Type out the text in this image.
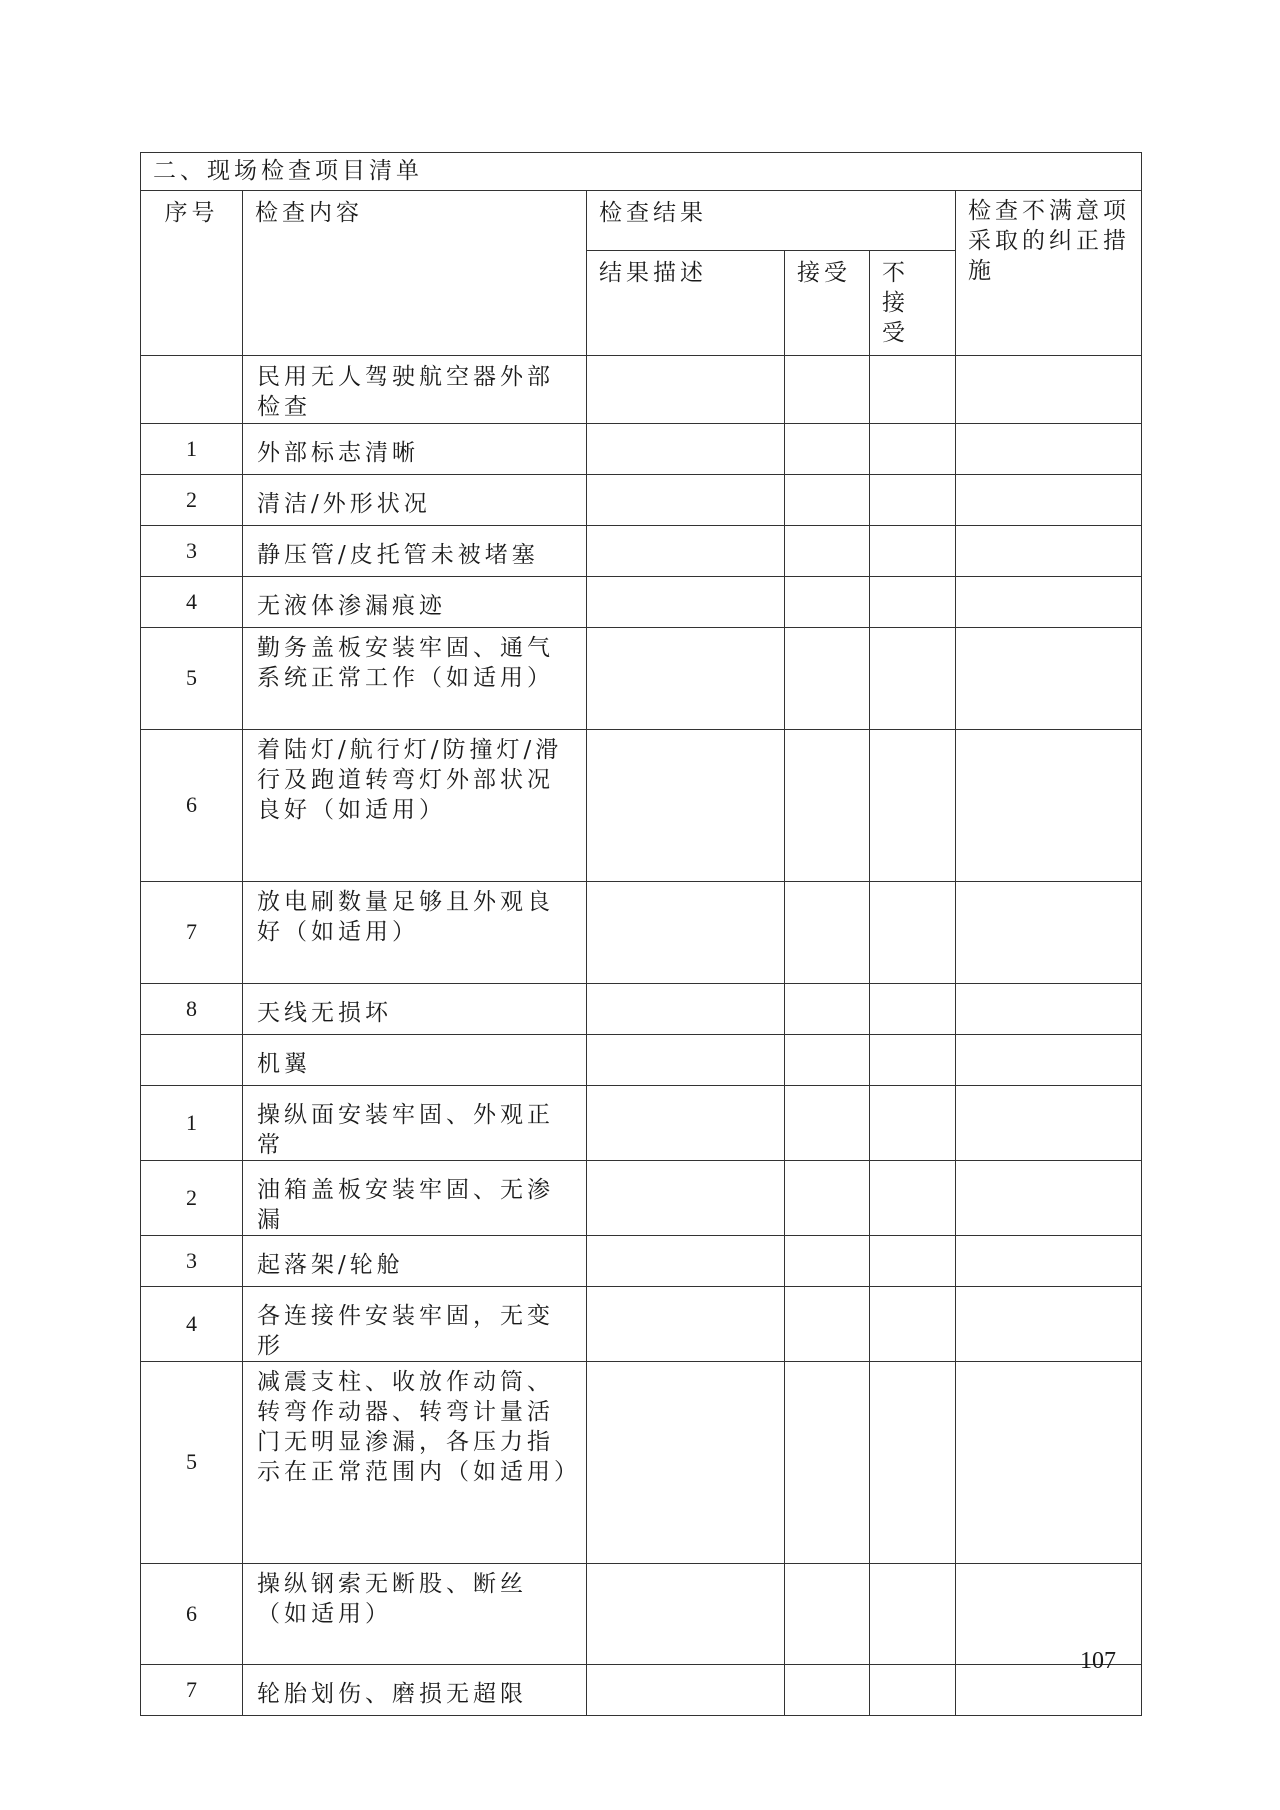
二、现场检查项目清单					
序号	检查内容	检查结果			检查不满意项采取的纠正措施
		结果描述	接受	不 接 受	
	民用无人驾驶航空器外部检查				
1	外部标志清晰				
2	清洁/外形状况				
3	静压管/皮托管未被堵塞				
4	无液体渗漏痕迹				
5	勤务盖板安装牢固、通气系统正常工作（如适用）				
6	着陆灯/航行灯/防撞灯/滑行及跑道转弯灯外部状况良好（如适用）				
7	放电刷数量足够且外观良好（如适用）				
8	天线无损坏				
	机翼				
1	操纵面安装牢固、外观正常				
2	油箱盖板安装牢固、无渗漏				
3	起落架/轮舱				
4	各连接件安装牢固，无变形				
5	减震支柱、收放作动筒、转弯作动器、转弯计量活门无明显渗漏，各压力指示在正常范围内（如适用）				
6	操纵钢索无断股、断丝（如适用）				
7	轮胎划伤、磨损无超限				
107
